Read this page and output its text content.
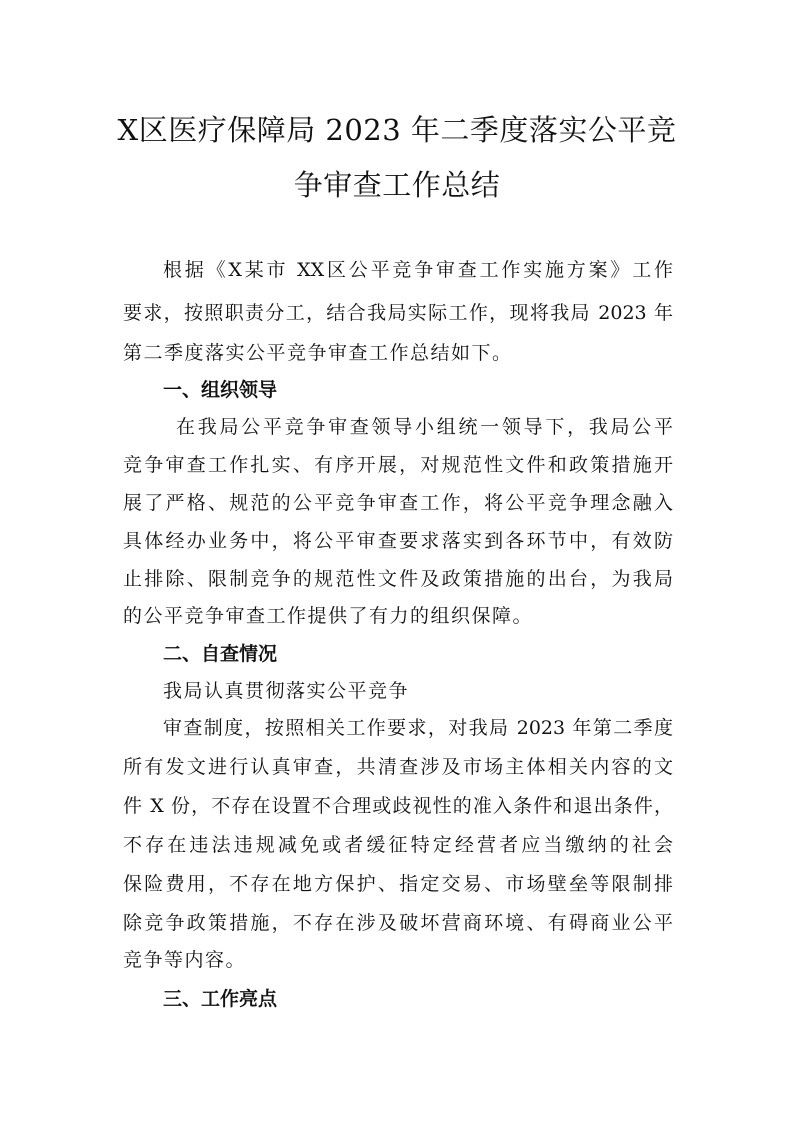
X区医疗保障局 2023 年二季度落实公平竞
争审查工作总结
根据《X某市 XX区公平竞争审查工作实施方案》工作
要求，按照职责分工，结合我局实际工作，现将我局 2023 年
第二季度落实公平竞争审查工作总结如下。
一、组织领导
在我局公平竞争审查领导小组统一领导下，我局公平
竞争审查工作扎实、有序开展，对规范性文件和政策措施开
展了严格、规范的公平竞争审查工作，将公平竞争理念融入
具体经办业务中，将公平审查要求落实到各环节中，有效防
止排除、限制竞争的规范性文件及政策措施的出台，为我局
的公平竞争审查工作提供了有力的组织保障。
二、自查情况
我局认真贯彻落实公平竞争
审查制度，按照相关工作要求，对我局 2023 年第二季度
所有发文进行认真审查，共清查涉及市场主体相关内容的文
件 X 份，不存在设置不合理或歧视性的准入条件和退出条件，
不存在违法违规减免或者缓征特定经营者应当缴纳的社会
保险费用，不存在地方保护、指定交易、市场壁垒等限制排
除竞争政策措施，不存在涉及破坏营商环境、有碍商业公平
竞争等内容。
三、工作亮点
